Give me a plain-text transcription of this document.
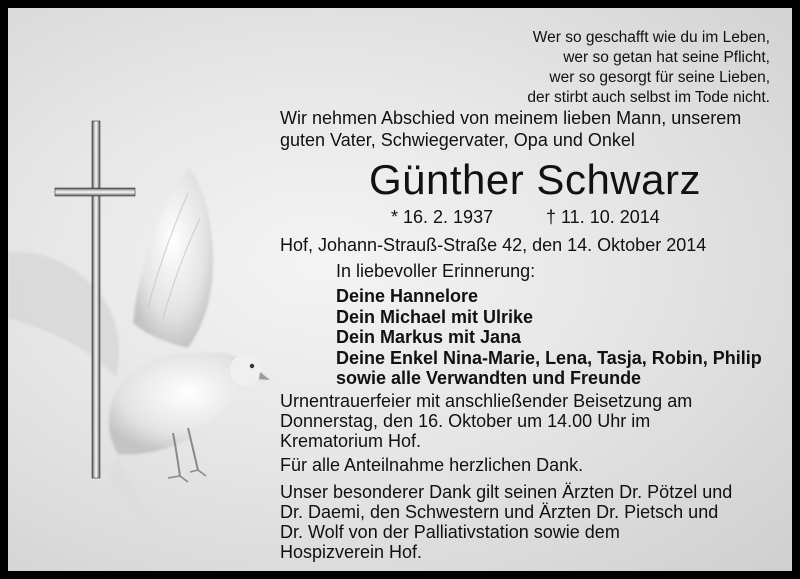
Wer so geschafft wie du im Leben,
wer so getan hat seine Pflicht,
wer so gesorgt für seine Lieben,
der stirbt auch selbst im Tode nicht.
Wir nehmen Abschied von meinem lieben Mann, unserem
guten Vater, Schwiegervater, Opa und Onkel
Günther Schwarz
* 16. 2. 1937	† 11. 10. 2014
Hof, Johann-Strauß-Straße 42, den 14. Oktober 2014
In liebevoller Erinnerung:
Deine Hannelore
Dein Michael mit Ulrike
Dein Markus mit Jana
Deine Enkel Nina-Marie, Lena, Tasja, Robin, Philip
sowie alle Verwandten und Freunde
Urnentrauerfeier mit anschließender Beisetzung am
Donnerstag, den 16. Oktober um 14.00 Uhr im
Krematorium Hof.
Für alle Anteilnahme herzlichen Dank.
Unser besonderer Dank gilt seinen Ärzten Dr. Pötzel und
Dr. Daemi, den Schwestern und Ärzten Dr. Pietsch und
Dr. Wolf von der Palliativstation sowie dem
Hospizverein Hof.
